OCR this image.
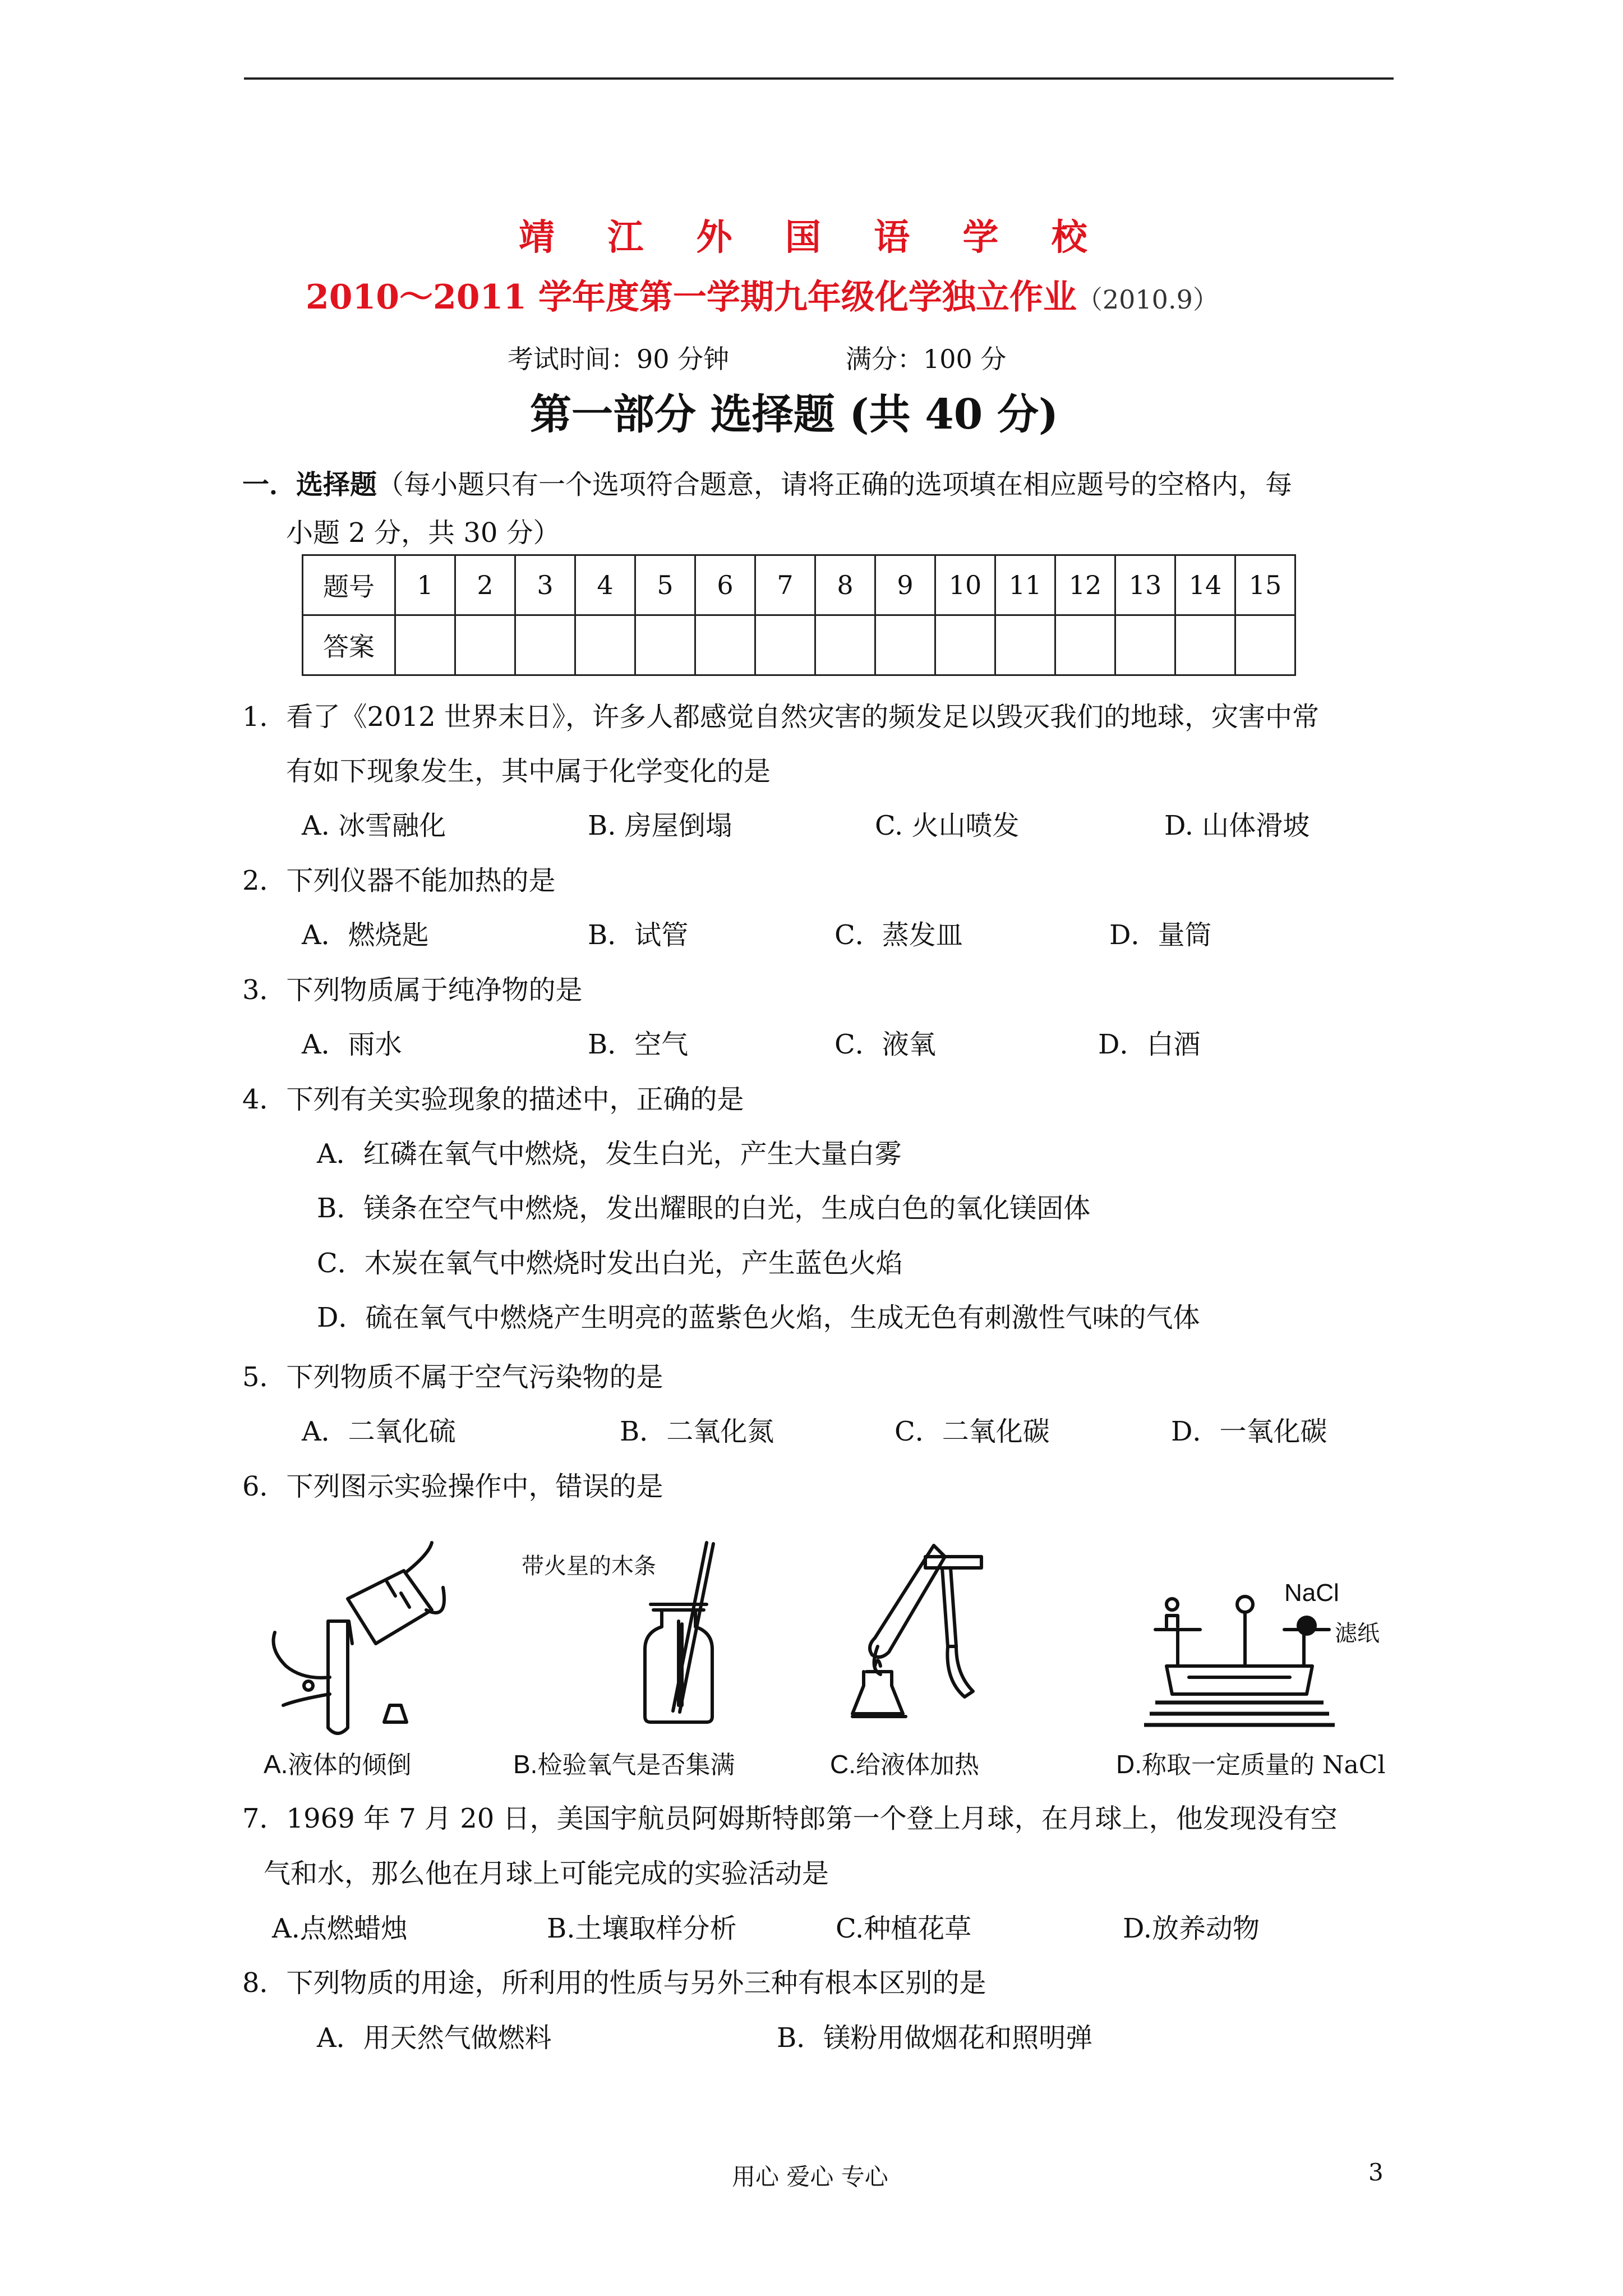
靖 江 外 国 语 学 校
2010～2011 学年度第一学期九年级化学独立作业（2010.9）
考试时间：90 分钟	满分：100 分
第一部分 选择题 (共 40 分)
一．选择题（每小题只有一个选项符合题意，请将正确的选项填在相应题号的空格内，每
小题 2 分，共 30 分）
题号	1	2	3	4	5	6	7	8	9	10	11	12	13	14	15
答案															
1．看了《2012 世界末日》，许多人都感觉自然灾害的频发足以毁灭我们的地球，灾害中常
有如下现象发生，其中属于化学变化的是
A. 冰雪融化	B. 房屋倒塌	C. 火山喷发	D. 山体滑坡
2．下列仪器不能加热的是
A．燃烧匙	B．试管	C．蒸发皿	D．量筒
3．下列物质属于纯净物的是
A．雨水	B．空气	C．液氧	D．白酒
4．下列有关实验现象的描述中，正确的是
A．红磷在氧气中燃烧，发生白光，产生大量白雾
B．镁条在空气中燃烧，发出耀眼的白光，生成白色的氧化镁固体
C．木炭在氧气中燃烧时发出白光，产生蓝色火焰
D．硫在氧气中燃烧产生明亮的蓝紫色火焰，生成无色有刺激性气味的气体
5．下列物质不属于空气污染物的是
A．二氧化硫	B．二氧化氮	C．二氧化碳	D．一氧化碳
6．下列图示实验操作中，错误的是
带火星的木条
NaCl
滤纸
A.液体的倾倒	B.检验氧气是否集满	C.给液体加热	D.称取一定质量的 NaCl
7．1969 年 7 月 20 日，美国宇航员阿姆斯特郎第一个登上月球，在月球上，他发现没有空
气和水，那么他在月球上可能完成的实验活动是
A.点燃蜡烛	B.土壤取样分析	C.种植花草	D.放养动物
8．下列物质的用途，所利用的性质与另外三种有根本区别的是
A．用天然气做燃料	B．镁粉用做烟花和照明弹
用心 爱心 专心	3
